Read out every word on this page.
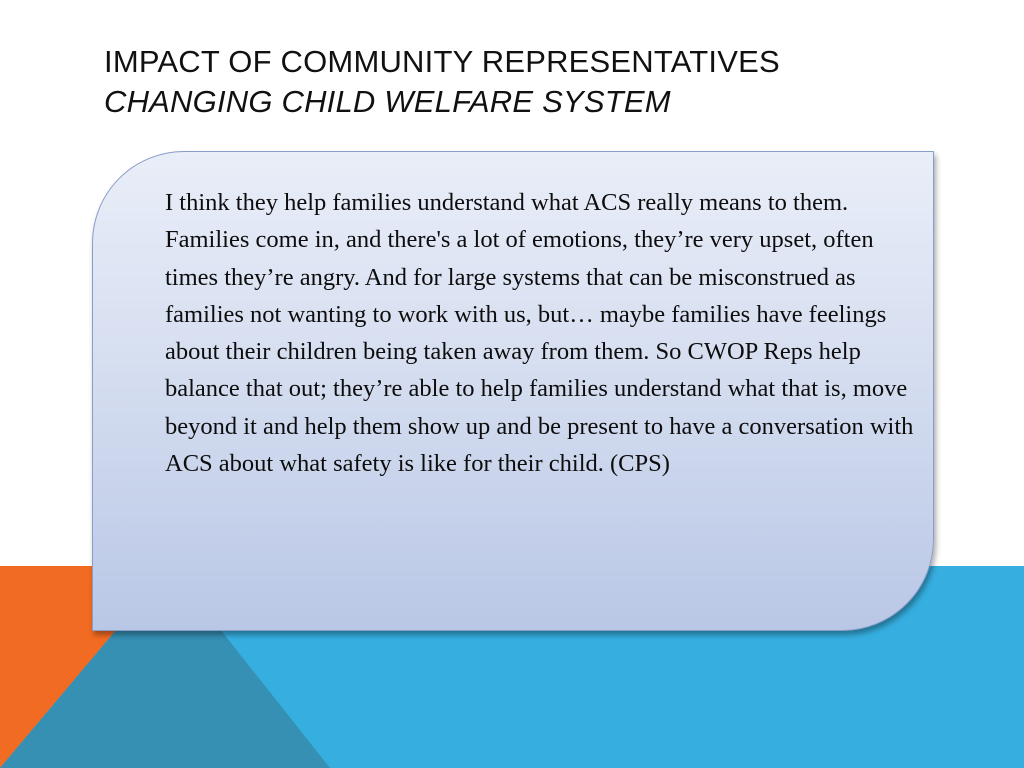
IMPACT OF COMMUNITY REPRESENTATIVES
CHANGING CHILD WELFARE SYSTEM

I think they help families understand what ACS really means to them. Families come in, and there's a lot of emotions, they’re very upset, often times they’re angry. And for large systems that can be misconstrued as families not wanting to work with us, but… maybe families have feelings about their children being taken away from them. So CWOP Reps help balance that out; they’re able to help families understand what that is, move beyond it and help them show up and be present to have a conversation with ACS about what safety is like for their child. (CPS)
